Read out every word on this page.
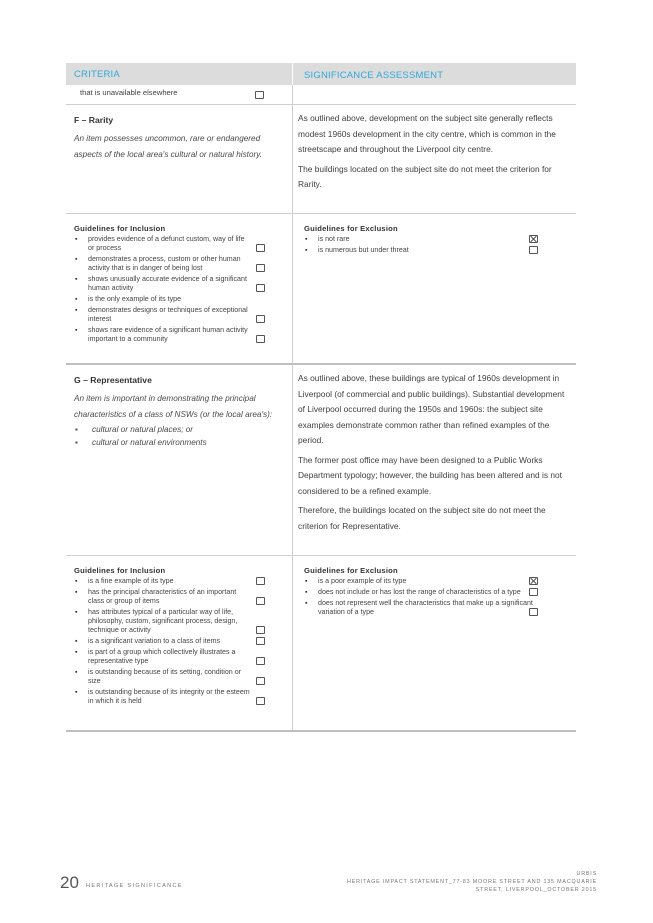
CRITERIA	SIGNIFICANCE ASSESSMENT
that is unavailable elsewhere
F – Rarity
An item possesses uncommon, rare or endangered aspects of the local area's cultural or natural history.

As outlined above, development on the subject site generally reflects modest 1960s development in the city centre, which is common in the streetscape and throughout the Liverpool city centre.

The buildings located on the subject site do not meet the criterion for Rarity.

Guidelines for Inclusion
▪ provides evidence of a defunct custom, way of life or process
▪ demonstrates a process, custom or other human activity that is in danger of being lost
▪ shows unusually accurate evidence of a significant human activity
▪ is the only example of its type
▪ demonstrates designs or techniques of exceptional interest
▪ shows rare evidence of a significant human activity important to a community
Guidelines for Exclusion
▪ is not rare
▪ is numerous but under threat
G – Representative
An item is important in demonstrating the principal characteristics of a class of NSWs (or the local area's):
▪ cultural or natural places; or
▪ cultural or natural environments

As outlined above, these buildings are typical of 1960s development in Liverpool (of commercial and public buildings). Substantial development of Liverpool occurred during the 1950s and 1960s: the subject site examples demonstrate common rather than refined examples of the period.

The former post office may have been designed to a Public Works Department typology; however, the building has been altered and is not considered to be a refined example.

Therefore, the buildings located on the subject site do not meet the criterion for Representative.

Guidelines for Inclusion
▪ is a fine example of its type
▪ has the principal characteristics of an important class or group of items
▪ has attributes typical of a particular way of life, philosophy, custom, significant process, design, technique or activity
▪ is a significant variation to a class of items
▪ is part of a group which collectively illustrates a representative type
▪ is outstanding because of its setting, condition or size
▪ is outstanding because of its integrity or the esteem in which it is held
Guidelines for Exclusion
▪ is a poor example of its type
▪ does not include or has lost the range of characteristics of a type
▪ does not represent well the characteristics that make up a significant variation of a type
20 HERITAGE SIGNIFICANCE
URBIS
HERITAGE IMPACT STATEMENT_77-83 MOORE STREET AND 135 MACQUARIE
STREET, LIVERPOOL_OCTOBER 2015
